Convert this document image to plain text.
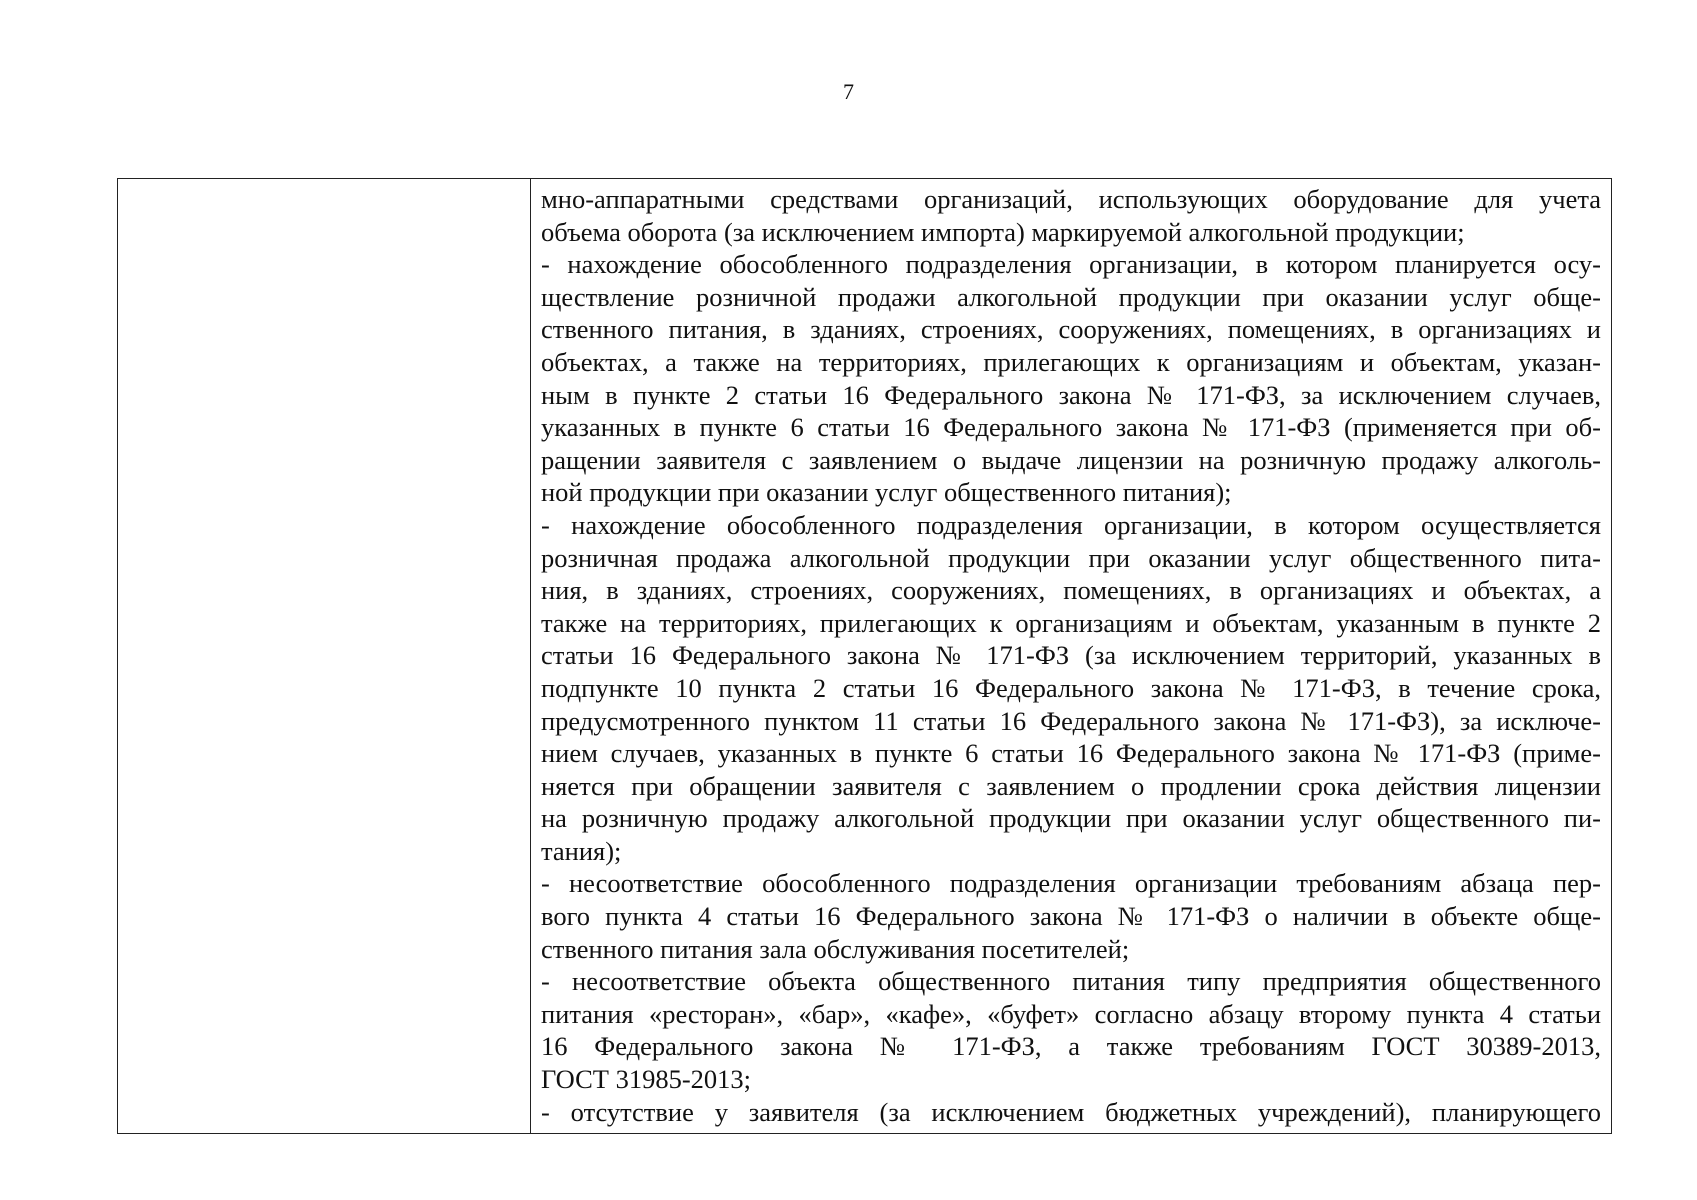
7
мно-аппаратными средствами организаций, использующих оборудование для учета
объема оборота (за исключением импорта) маркируемой алкогольной продукции;
- нахождение обособленного подразделения организации, в котором планируется осу-
ществление розничной продажи алкогольной продукции при оказании услуг обще-
ственного питания, в зданиях, строениях, сооружениях, помещениях, в организациях и
объектах, а также на территориях, прилегающих к организациям и объектам, указан-
ным в пункте 2 статьи 16 Федерального закона № 171-ФЗ, за исключением случаев,
указанных в пункте 6 статьи 16 Федерального закона № 171-ФЗ (применяется при об-
ращении заявителя с заявлением о выдаче лицензии на розничную продажу алкоголь-
ной продукции при оказании услуг общественного питания);
- нахождение обособленного подразделения организации, в котором осуществляется
розничная продажа алкогольной продукции при оказании услуг общественного пита-
ния, в зданиях, строениях, сооружениях, помещениях, в организациях и объектах, а
также на территориях, прилегающих к организациям и объектам, указанным в пункте 2
статьи 16 Федерального закона № 171-ФЗ (за исключением территорий, указанных в
подпункте 10 пункта 2 статьи 16 Федерального закона № 171-ФЗ, в течение срока,
предусмотренного пунктом 11 статьи 16 Федерального закона № 171-ФЗ), за исключе-
нием случаев, указанных в пункте 6 статьи 16 Федерального закона № 171-ФЗ (приме-
няется при обращении заявителя с заявлением о продлении срока действия лицензии
на розничную продажу алкогольной продукции при оказании услуг общественного пи-
тания);
- несоответствие обособленного подразделения организации требованиям абзаца пер-
вого пункта 4 статьи 16 Федерального закона № 171-ФЗ о наличии в объекте обще-
ственного питания зала обслуживания посетителей;
- несоответствие объекта общественного питания типу предприятия общественного
питания «ресторан», «бар», «кафе», «буфет» согласно абзацу второму пункта 4 статьи
16 Федерального закона № 171-ФЗ, а также требованиям ГОСТ 30389-2013,
ГОСТ 31985-2013;
- отсутствие у заявителя (за исключением бюджетных учреждений), планирующего
